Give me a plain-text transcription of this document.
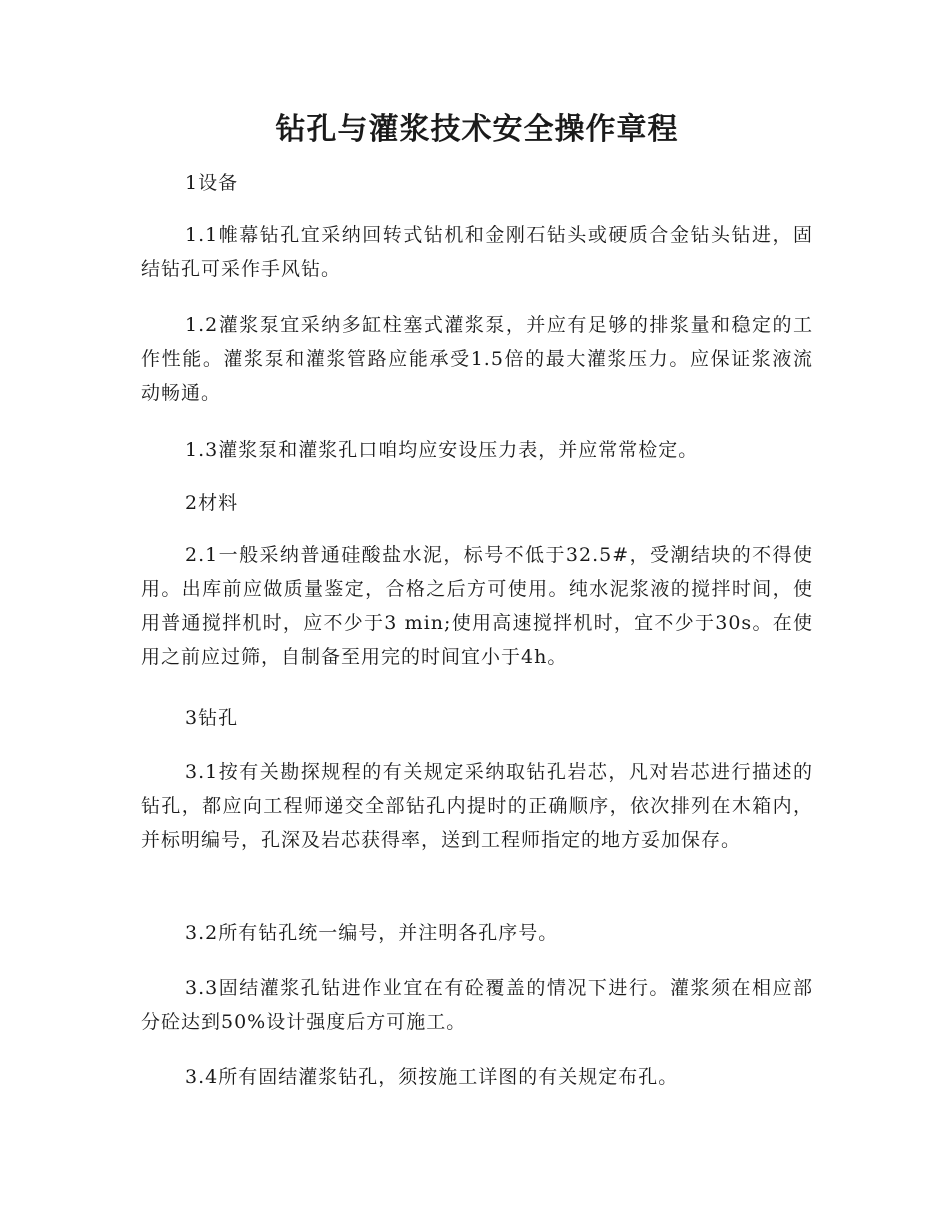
钻孔与灌浆技术安全操作章程

1设备

1.1帷幕钻孔宜采纳回转式钻机和金刚石钻头或硬质合金钻头钻进，固结钻孔可采作手风钻。

1.2灌浆泵宜采纳多缸柱塞式灌浆泵，并应有足够的排浆量和稳定的工作性能。灌浆泵和灌浆管路应能承受1.5倍的最大灌浆压力。应保证浆液流动畅通。

1.3灌浆泵和灌浆孔口咱均应安设压力表，并应常常检定。

2材料

2.1一般采纳普通硅酸盐水泥，标号不低于32.5#，受潮结块的不得使用。出库前应做质量鉴定，合格之后方可使用。纯水泥浆液的搅拌时间，使用普通搅拌机时，应不少于3 min;使用高速搅拌机时，宜不少于30s。在使用之前应过筛，自制备至用完的时间宜小于4h。

3钻孔

3.1按有关勘探规程的有关规定采纳取钻孔岩芯，凡对岩芯进行描述的钻孔，都应向工程师递交全部钻孔内提时的正确顺序，依次排列在木箱内，并标明编号，孔深及岩芯获得率，送到工程师指定的地方妥加保存。

3.2所有钻孔统一编号，并注明各孔序号。

3.3固结灌浆孔钻进作业宜在有砼覆盖的情况下进行。灌浆须在相应部分砼达到50%设计强度后方可施工。

3.4所有固结灌浆钻孔，须按施工详图的有关规定布孔。
